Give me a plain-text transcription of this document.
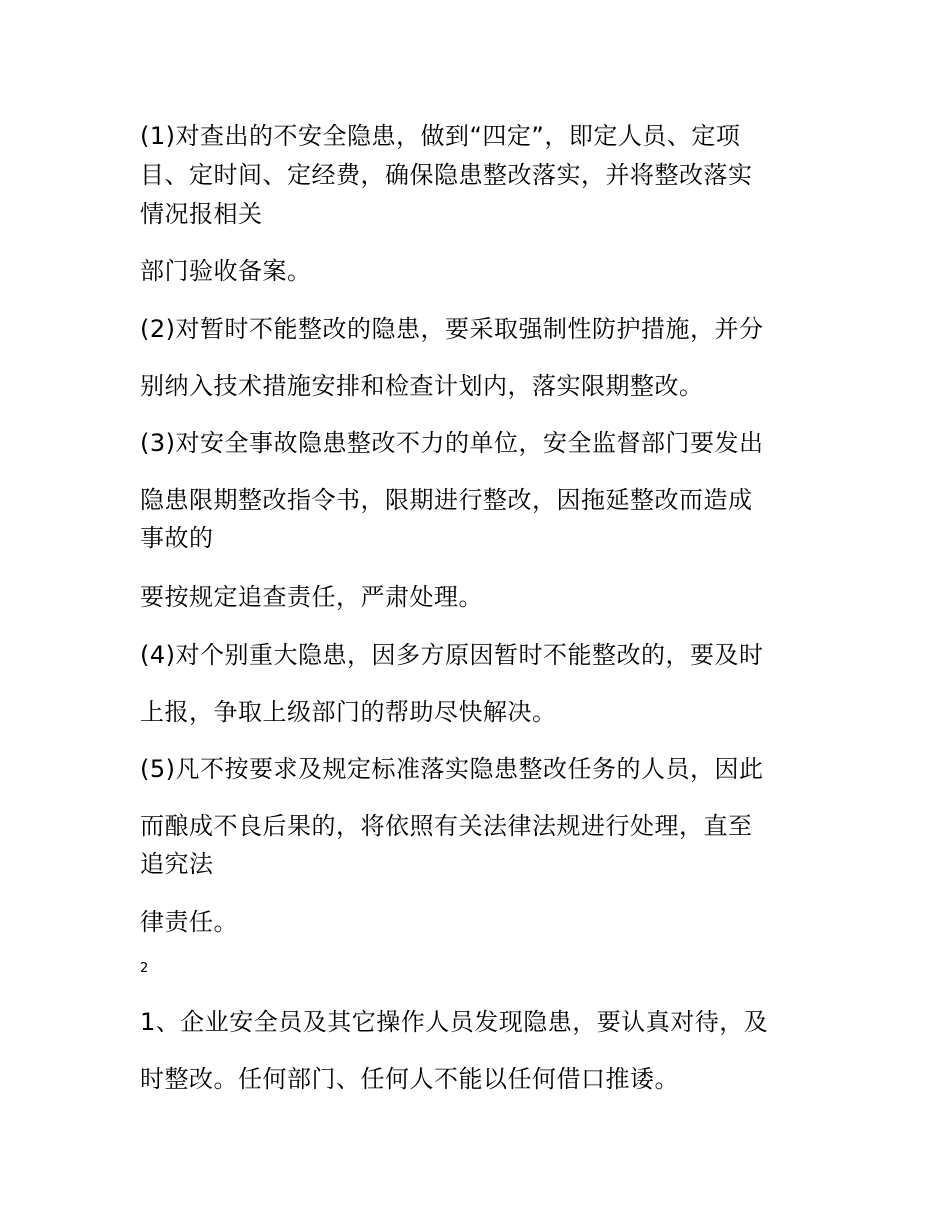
(1)对查出的不安全隐患，做到“四定”，即定人员、定项
目、定时间、定经费，确保隐患整改落实，并将整改落实
情况报相关
部门验收备案。
(2)对暂时不能整改的隐患，要采取强制性防护措施，并分
别纳入技术措施安排和检查计划内，落实限期整改。
(3)对安全事故隐患整改不力的单位，安全监督部门要发出
隐患限期整改指令书，限期进行整改，因拖延整改而造成
事故的
要按规定追查责任，严肃处理。
(4)对个别重大隐患，因多方原因暂时不能整改的，要及时
上报，争取上级部门的帮助尽快解决。
(5)凡不按要求及规定标准落实隐患整改任务的人员，因此
而酿成不良后果的，将依照有关法律法规进行处理，直至
追究法
律责任。
2
1、企业安全员及其它操作人员发现隐患，要认真对待，及
时整改。任何部门、任何人不能以任何借口推诿。
